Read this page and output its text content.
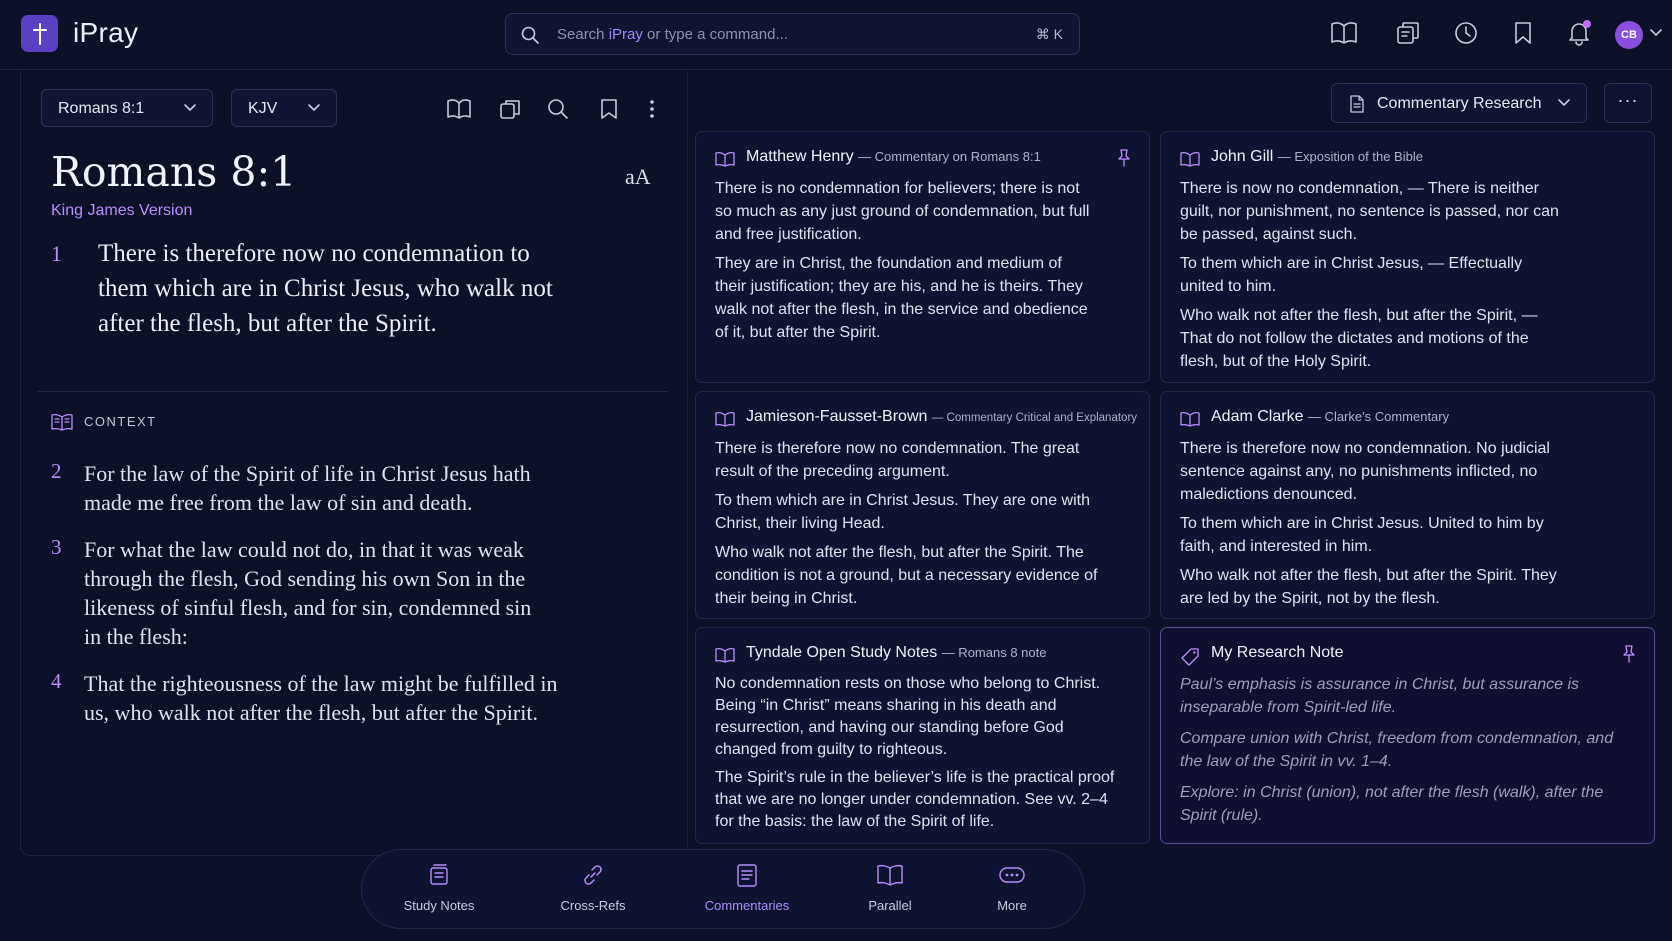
iPray	Search iPray or type a command...	⌘ K	CB
Romans 8:1	KJV
Romans 8:1
King James Version
aA
1 There is therefore now no condemnation to them which are in Christ Jesus, who walk not after the flesh, but after the Spirit.
CONTEXT
2 For the law of the Spirit of life in Christ Jesus hath made me free from the law of sin and death.
3 For what the law could not do, in that it was weak through the flesh, God sending his own Son in the likeness of sinful flesh, and for sin, condemned sin in the flesh:
4 That the righteousness of the law might be fulfilled in us, who walk not after the flesh, but after the Spirit.
Commentary Research	···
Matthew Henry — Commentary on Romans 8:1

There is no condemnation for believers; there is not so much as any just ground of condemnation, but full and free justification.

They are in Christ, the foundation and medium of their justification; they are his, and he is theirs. They walk not after the flesh, in the service and obedience of it, but after the Spirit.

John Gill — Exposition of the Bible

There is now no condemnation, — There is neither guilt, nor punishment, no sentence is passed, nor can be passed, against such.

To them which are in Christ Jesus, — Effectually united to him.

Who walk not after the flesh, but after the Spirit, — That do not follow the dictates and motions of the flesh, but of the Holy Spirit.

Jamieson-Fausset-Brown — Commentary Critical and Explanatory

There is therefore now no condemnation. The great result of the preceding argument.

To them which are in Christ Jesus. They are one with Christ, their living Head.

Who walk not after the flesh, but after the Spirit. The condition is not a ground, but a necessary evidence of their being in Christ.

Adam Clarke — Clarke's Commentary

There is therefore now no condemnation. No judicial sentence against any, no punishments inflicted, no maledictions denounced.

To them which are in Christ Jesus. United to him by faith, and interested in him.

Who walk not after the flesh, but after the Spirit. They are led by the Spirit, not by the flesh.

Tyndale Open Study Notes — Romans 8 note

No condemnation rests on those who belong to Christ. Being “in Christ” means sharing in his death and resurrection, and having our standing before God changed from guilty to righteous.

The Spirit’s rule in the believer’s life is the practical proof that we are no longer under condemnation. See vv. 2–4 for the basis: the law of the Spirit of life.

My Research Note

Paul’s emphasis is assurance in Christ, but assurance is inseparable from Spirit-led life.

Compare union with Christ, freedom from condemnation, and the law of the Spirit in vv. 1–4.

Explore: in Christ (union), not after the flesh (walk), after the Spirit (rule).

Study Notes	Cross-Refs	Commentaries	Parallel	More
